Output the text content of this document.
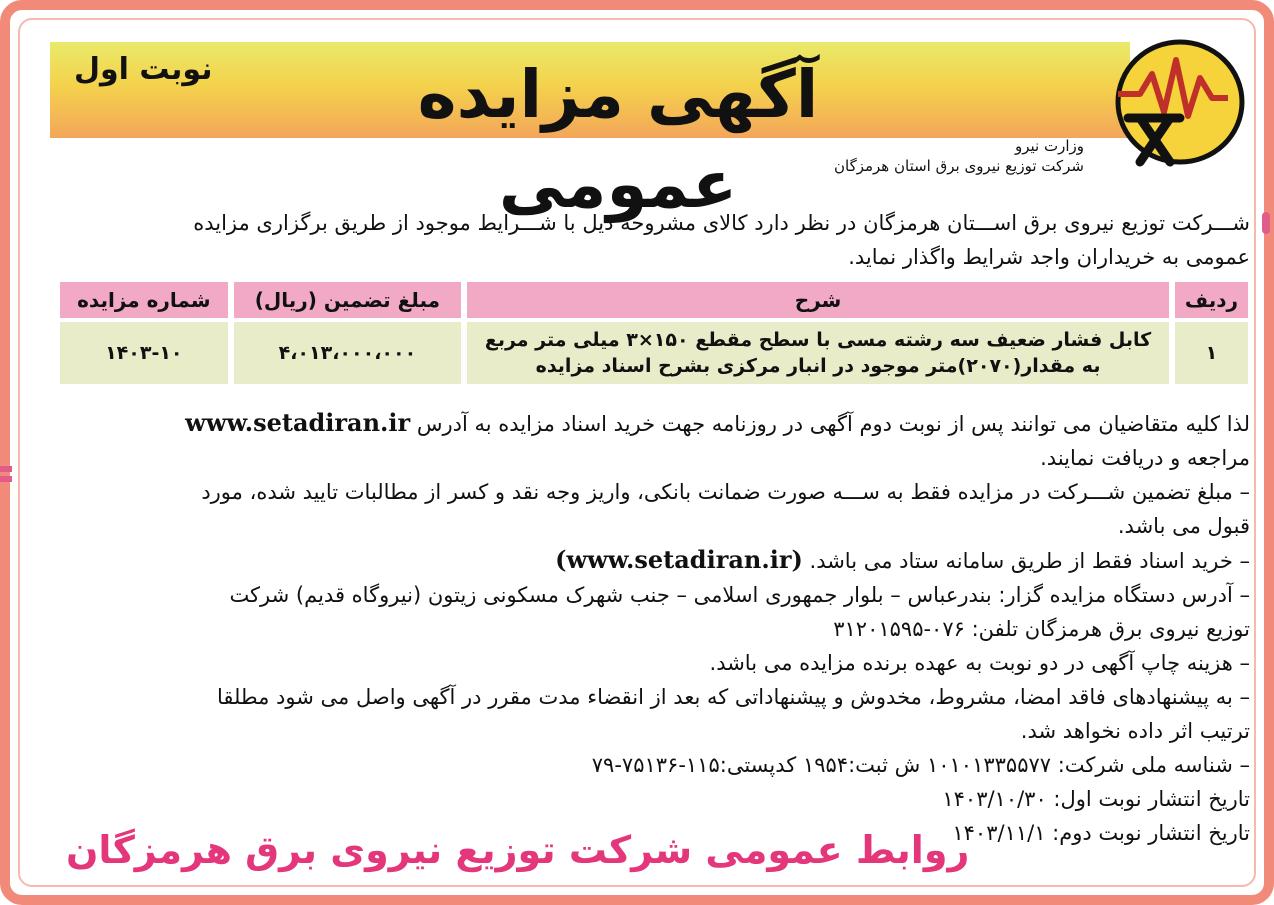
آگهی مزایده عمومی
نوبت اول
وزارت نیرو
شرکت توزیع نیروی برق استان هرمزگان
شـــرکت توزیع نیروی برق اســـتان هرمزگان در نظر دارد کالای مشروحه ذیل با شـــرایط موجود از طریق برگزاری مزایده
عمومی به خریداران واجد شرایط واگذار نماید.
ردیف	شرح	مبلغ تضمین (ریال)	شماره مزایده
۱	کابل فشار ضعیف سه رشته مسی با سطح مقطع ۱۵۰×۳ میلی متر مربع
به مقدار(۲۰۷۰)متر موجود در انبار مرکزی بشرح اسناد مزایده	۴،۰۱۳،۰۰۰،۰۰۰	۱۴۰۳-۱۰
لذا کلیه متقاضیان می توانند پس از نوبت دوم آگهی در روزنامه جهت خرید اسناد مزایده به آدرس www.setadiran.ir
مراجعه و دریافت نمایند.
– مبلغ تضمین شـــرکت در مزایده فقط به ســـه صورت ضمانت بانکی، واریز وجه نقد و کسر از مطالبات تایید شده، مورد
قبول می باشد.
– خرید اسناد فقط از طریق سامانه ستاد می باشد. (www.setadiran.ir)
– آدرس دستگاه مزایده گزار: بندرعباس – بلوار جمهوری اسلامی – جنب شهرک مسکونی زیتون (نیروگاه قدیم) شرکت
توزیع نیروی برق هرمزگان تلفن: ۰۷۶-۳۱۲۰۱۵۹۵
– هزینه چاپ آگهی در دو نوبت به عهده برنده مزایده می باشد.
– به پیشنهادهای فاقد امضا، مشروط، مخدوش و پیشنهاداتی که بعد از انقضاء مدت مقرر در آگهی واصل می شود مطلقا
ترتیب اثر داده نخواهد شد.
– شناسه ملی شرکت: ۱۰۱۰۱۳۳۵۵۷۷ ش ثبت:۱۹۵۴ کدپستی:۱۱۵-۷۵۱۳۶-۷۹
تاریخ انتشار نوبت اول: ۱۴۰۳/۱۰/۳۰
تاریخ انتشار نوبت دوم: ۱۴۰۳/۱۱/۱
روابط عمومی شرکت توزیع نیروی برق هرمزگان
